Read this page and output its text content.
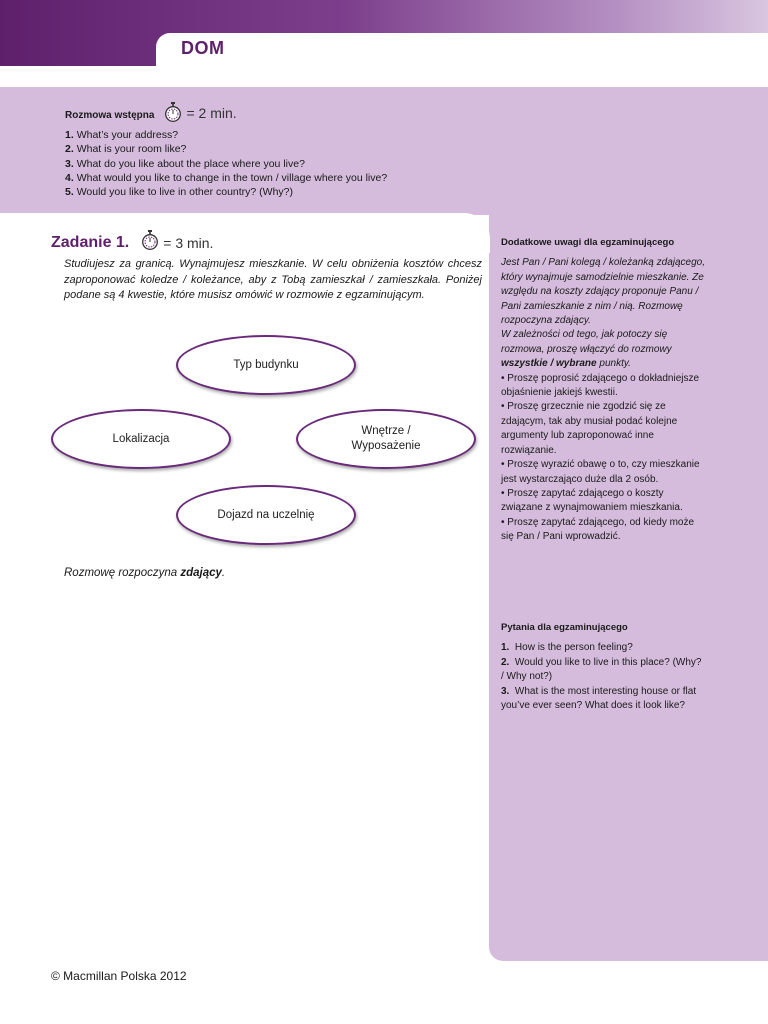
DOM
Rozmowa wstępna = 2 min.
1. What’s your address?
2. What is your room like?
3. What do you like about the place where you live?
4. What would you like to change in the town / village where you live?
5. Would you like to live in other country? (Why?)
Zadanie 1. = 3 min.
Studiujesz za granicą. Wynajmujesz mieszkanie. W celu obniżenia kosztów chcesz zaproponować koledze / koleżance, aby z Tobą zamieszkał / zamieszkała. Poniżej podane są 4 kwestie, które musisz omówić w rozmowie z egzaminującym.
Typ budynku
Lokalizacja
Wnętrze /
Wyposażenie
Dojazd na uczelnię
Rozmowę rozpoczyna zdający.
Dodatkowe uwagi dla egzaminującego

Jest Pan / Pani kolegą / koleżanką zdającego, który wynajmuje samodzielnie mieszkanie. Ze względu na koszty zdający proponuje Panu / Pani zamieszkanie z nim / nią. Rozmowę rozpoczyna zdający.

W zależności od tego, jak potoczy się rozmowa, proszę włączyć do rozmowy wszystkie / wybrane punkty.

• Proszę poprosić zdającego o dokładniejsze objaśnienie jakiejś kwestii.

• Proszę grzecznie nie zgodzić się ze zdającym, tak aby musiał podać kolejne argumenty lub zaproponować inne rozwiązanie.

• Proszę wyrazić obawę o to, czy mieszkanie jest wystarczająco duże dla 2 osób.

• Proszę zapytać zdającego o koszty związane z wynajmowaniem mieszkania.

• Proszę zapytać zdającego, od kiedy może się Pan / Pani wprowadzić.

Pytania dla egzaminującego
1. How is the person feeling?
2. Would you like to live in this place? (Why? / Why not?)
3. What is the most interesting house or flat you’ve ever seen? What does it look like?
© Macmillan Polska 2012
